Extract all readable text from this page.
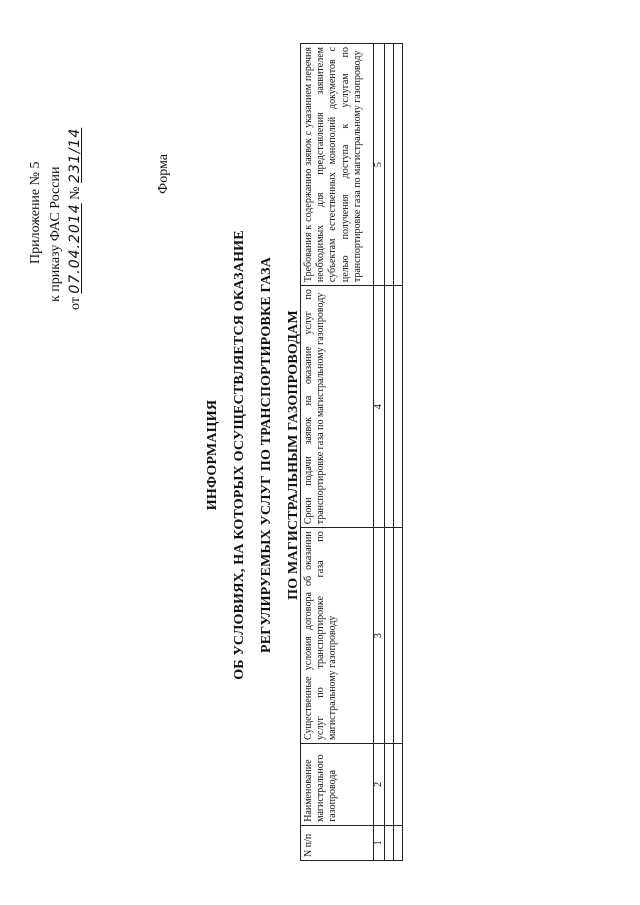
Приложение № 5 к приказу ФАС России
от 07.04.2014 № 231/14	Форма
ИНФОРМАЦИЯ ОБ УСЛОВИЯХ, НА КОТОРЫХ ОСУЩЕСТВЛЯЕТСЯ ОКАЗАНИЕ РЕГУЛИРУЕМЫХ УСЛУГ ПО ТРАНСПОРТИРОВКЕ ГАЗА ПО МАГИСТРАЛЬНЫМ ГАЗОПРОВОДАМ
N п/п	Наименование магистрального газопровода	Существенные условия договора об оказании услуг по транспортировке газа по магистральному газопроводу	Сроки подачи заявок на оказание услуг по транспортировке газа по магистральному газопроводу	Требования к содержанию заявок с указанием перечня необходимых для представления заявителем субъектам естественных монополий документов с целью получения доступа к услугам по транспортировке газа по магистральному газопроводу
1	2	3	4	5
